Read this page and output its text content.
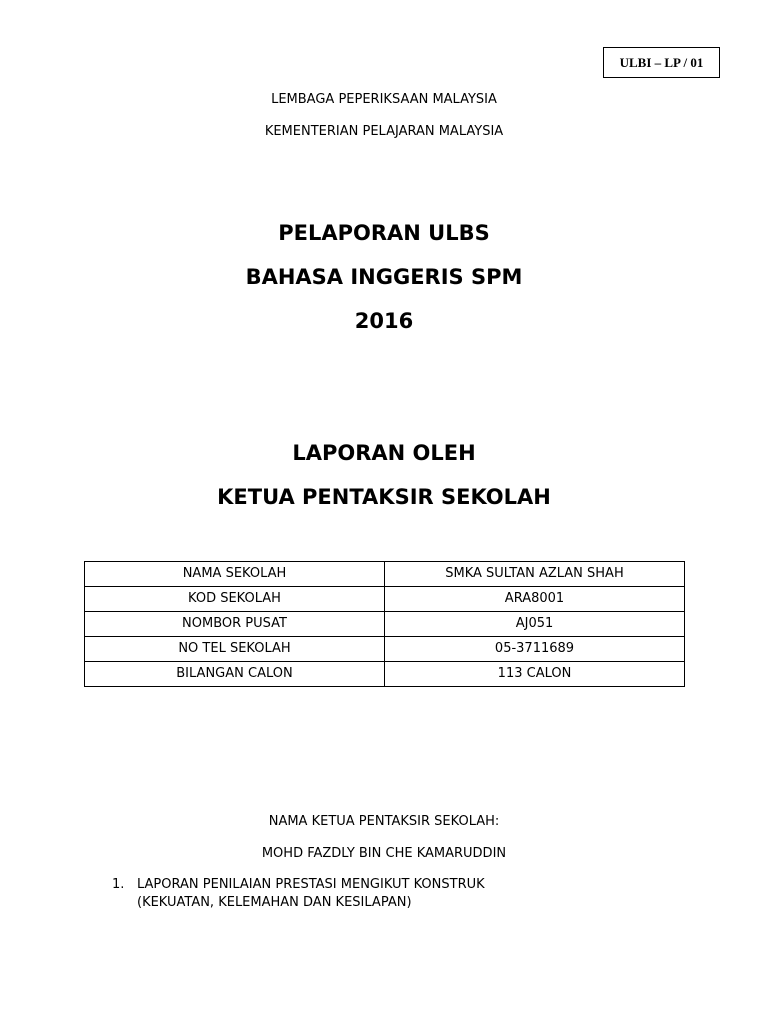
ULBI – LP / 01
LEMBAGA PEPERIKSAAN MALAYSIA
KEMENTERIAN PELAJARAN MALAYSIA
PELAPORAN ULBS
BAHASA INGGERIS SPM
2016
LAPORAN OLEH
KETUA PENTAKSIR SEKOLAH
NAMA SEKOLAH	SMKA SULTAN AZLAN SHAH
KOD SEKOLAH	ARA8001
NOMBOR PUSAT	AJ051
NO TEL SEKOLAH	05-3711689
BILANGAN CALON	113 CALON
NAMA KETUA PENTAKSIR SEKOLAH:
MOHD FAZDLY BIN CHE KAMARUDDIN
1. LAPORAN PENILAIAN PRESTASI MENGIKUT KONSTRUK
(KEKUATAN, KELEMAHAN DAN KESILAPAN)
